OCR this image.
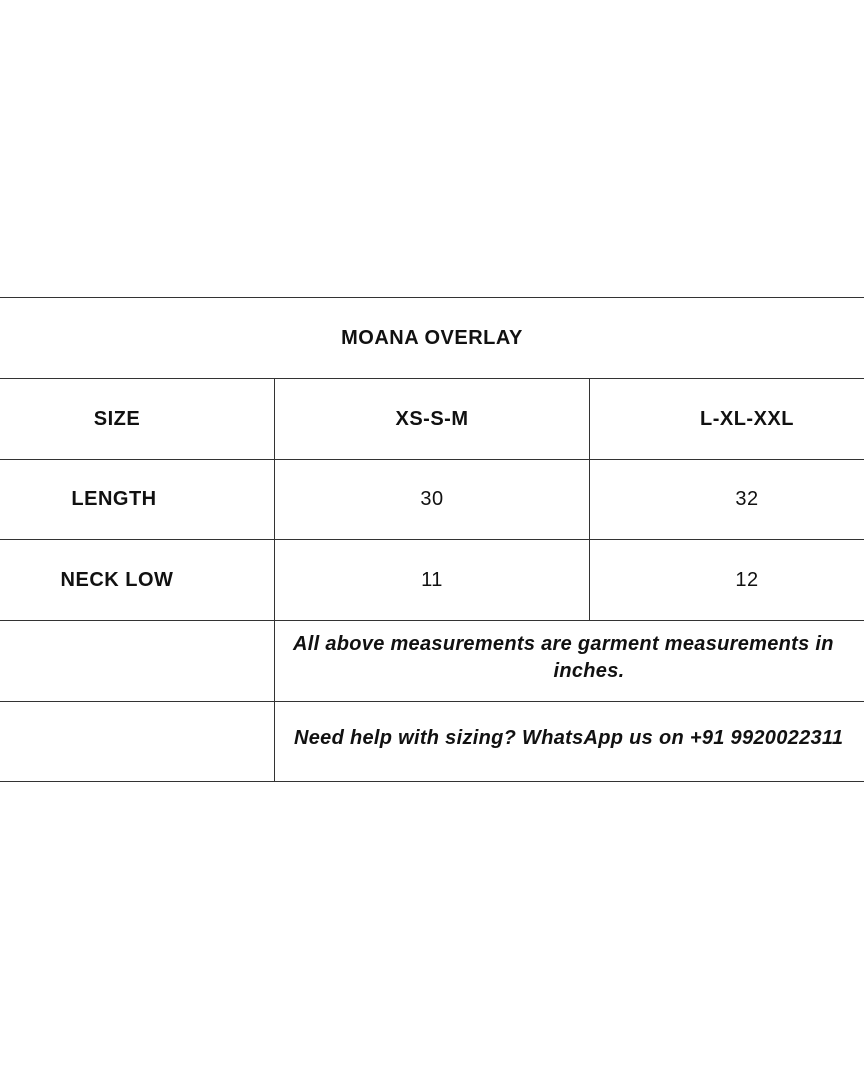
MOANA OVERLAY
SIZE	XS-S-M	L-XL-XXL
LENGTH	30	32
NECK LOW	11	12
All above measurements are garment measurements in
inches.
Need help with sizing? WhatsApp us on +91 9920022311
